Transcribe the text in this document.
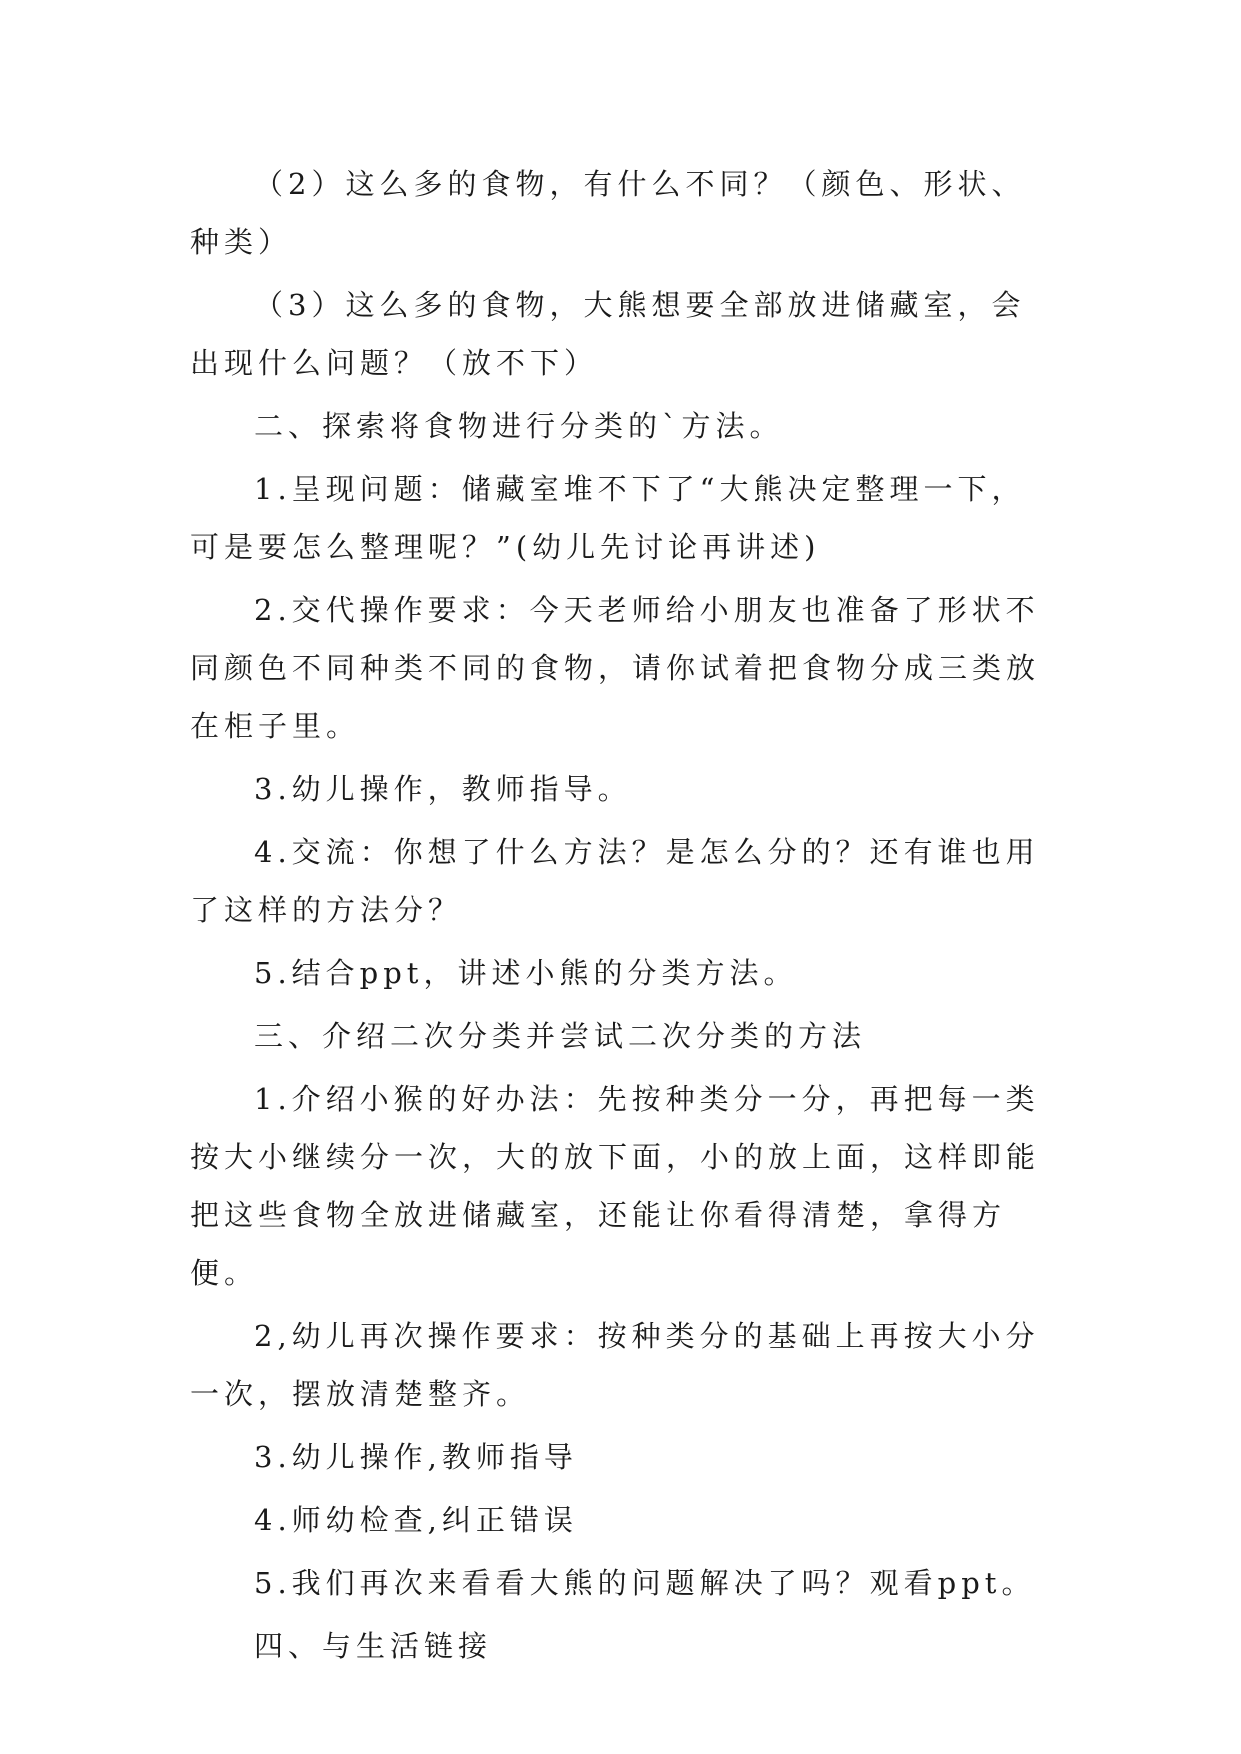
（2）这么多的食物，有什么不同？（颜色、形状、种类）

（3）这么多的食物，大熊想要全部放进储藏室，会出现什么问题？（放不下）

二、探索将食物进行分类的`方法。

1.呈现问题：储藏室堆不下了“大熊决定整理一下，可是要怎么整理呢？”(幼儿先讨论再讲述)

2.交代操作要求：今天老师给小朋友也准备了形状不同颜色不同种类不同的食物，请你试着把食物分成三类放在柜子里。

3.幼儿操作，教师指导。

4.交流：你想了什么方法？是怎么分的？还有谁也用了这样的方法分？

5.结合ppt，讲述小熊的分类方法。

三、介绍二次分类并尝试二次分类的方法

1.介绍小猴的好办法：先按种类分一分，再把每一类按大小继续分一次，大的放下面，小的放上面，这样即能把这些食物全放进储藏室，还能让你看得清楚，拿得方便。

2,幼儿再次操作要求：按种类分的基础上再按大小分一次，摆放清楚整齐。

3.幼儿操作,教师指导

4.师幼检查,纠正错误

5.我们再次来看看大熊的问题解决了吗？观看ppt。

四、与生活链接
